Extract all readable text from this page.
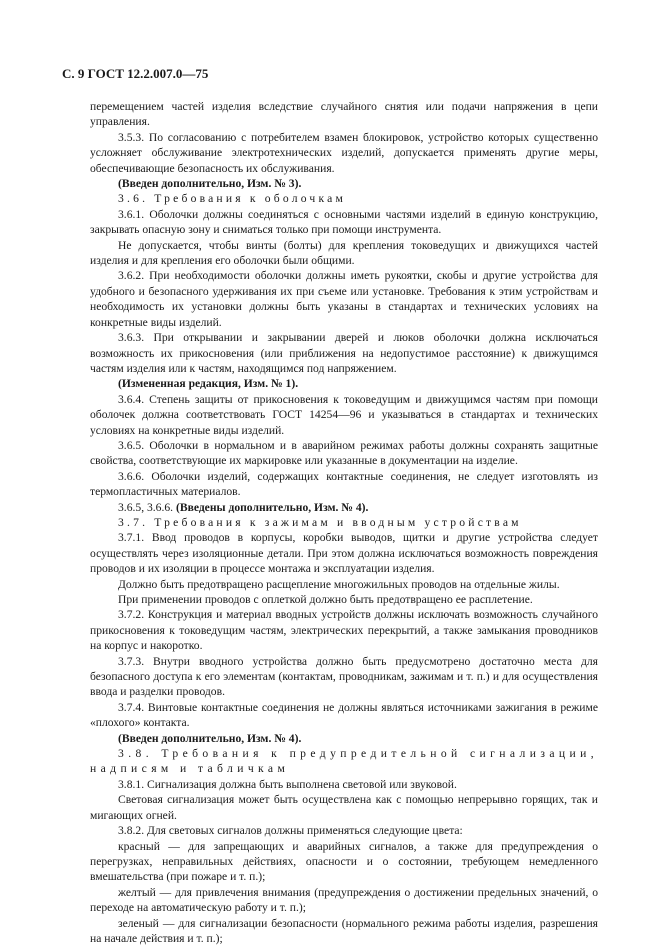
С. 9 ГОСТ 12.2.007.0—75

перемещением частей изделия вследствие случайного снятия или подачи напряжения в цепи управления.

3.5.3. По согласованию с потребителем взамен блокировок, устройство которых существенно усложняет обслуживание электротехнических изделий, допускается применять другие меры, обеспечивающие безопасность их обслуживания.

(Введен дополнительно, Изм. № 3).

3.6. Требования к оболочкам

3.6.1. Оболочки должны соединяться с основными частями изделий в единую конструкцию, закрывать опасную зону и сниматься только при помощи инструмента.

Не допускается, чтобы винты (болты) для крепления токоведущих и движущихся частей изделия и для крепления его оболочки были общими.

3.6.2. При необходимости оболочки должны иметь рукоятки, скобы и другие устройства для удобного и безопасного удерживания их при съеме или установке. Требования к этим устройствам и необходимость их установки должны быть указаны в стандартах и технических условиях на конкретные виды изделий.

3.6.3. При открывании и закрывании дверей и люков оболочки должна исключаться возможность их прикосновения (или приближения на недопустимое расстояние) к движущимся частям изделия или к частям, находящимся под напряжением.

(Измененная редакция, Изм. № 1).

3.6.4. Степень защиты от прикосновения к токоведущим и движущимся частям при помощи оболочек должна соответствовать ГОСТ 14254—96 и указываться в стандартах и технических условиях на конкретные виды изделий.

3.6.5. Оболочки в нормальном и в аварийном режимах работы должны сохранять защитные свойства, соответствующие их маркировке или указанные в документации на изделие.

3.6.6. Оболочки изделий, содержащих контактные соединения, не следует изготовлять из термопластичных материалов.

3.6.5, 3.6.6. (Введены дополнительно, Изм. № 4).

3.7. Требования к зажимам и вводным устройствам

3.7.1. Ввод проводов в корпусы, коробки выводов, щитки и другие устройства следует осуществлять через изоляционные детали. При этом должна исключаться возможность повреждения проводов и их изоляции в процессе монтажа и эксплуатации изделия.

Должно быть предотвращено расщепление многожильных проводов на отдельные жилы.

При применении проводов с оплеткой должно быть предотвращено ее расплетение.

3.7.2. Конструкция и материал вводных устройств должны исключать возможность случайного прикосновения к токоведущим частям, электрических перекрытий, а также замыкания проводников на корпус и накоротко.

3.7.3. Внутри вводного устройства должно быть предусмотрено достаточно места для безопасного доступа к его элементам (контактам, проводникам, зажимам и т. п.) и для осуществления ввода и разделки проводов.

3.7.4. Винтовые контактные соединения не должны являться источниками зажигания в режиме «плохого» контакта.

(Введен дополнительно, Изм. № 4).

3.8. Требования к предупредительной сигнализации, надписям и табличкам

3.8.1. Сигнализация должна быть выполнена световой или звуковой.

Световая сигнализация может быть осуществлена как с помощью непрерывно горящих, так и мигающих огней.

3.8.2. Для световых сигналов должны применяться следующие цвета:

красный — для запрещающих и аварийных сигналов, а также для предупреждения о перегрузках, неправильных действиях, опасности и о состоянии, требующем немедленного вмешательства (при пожаре и т. п.);

желтый — для привлечения внимания (предупреждения о достижении предельных значений, о переходе на автоматическую работу и т. п.);

зеленый — для сигнализации безопасности (нормального режима работы изделия, разрешения на начале действия и т. п.);
